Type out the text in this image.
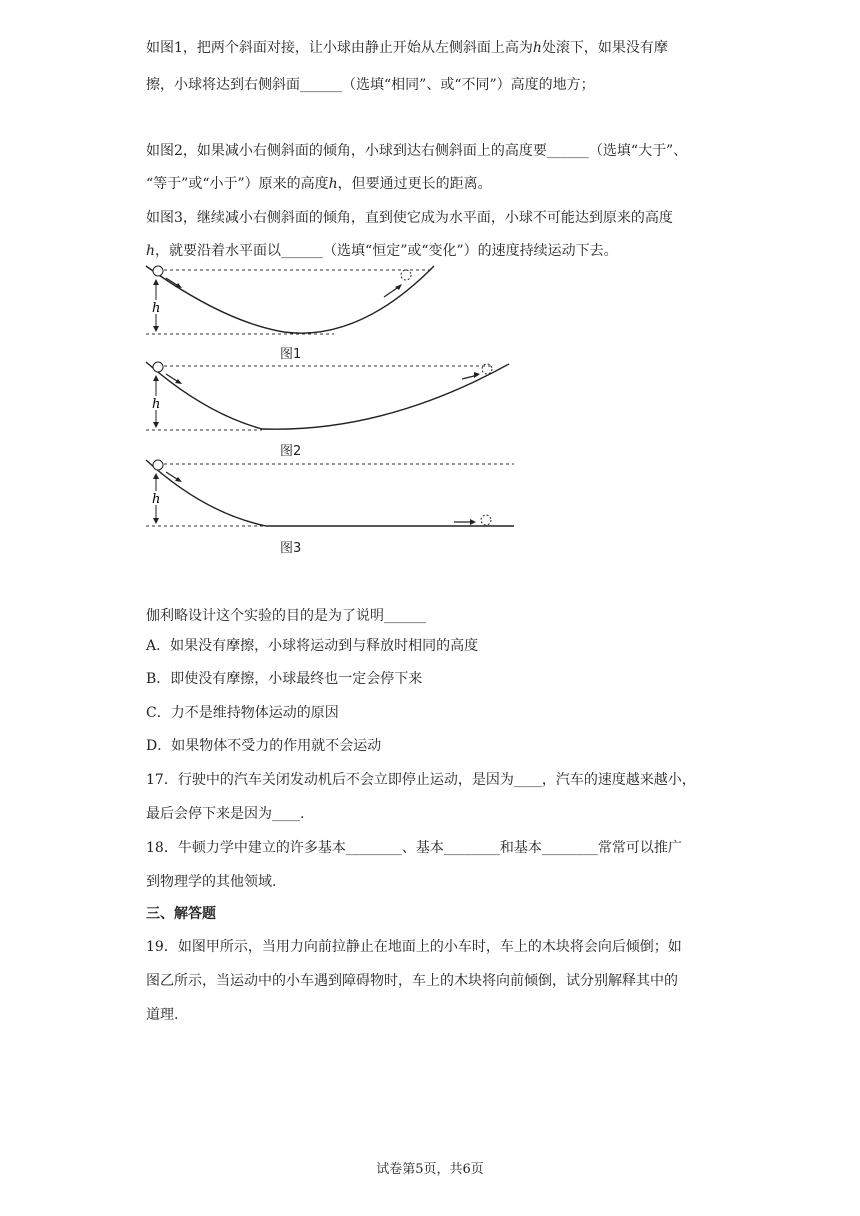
如图1，把两个斜面对接，让小球由静止开始从左侧斜面上高为h处滚下，如果没有摩
擦，小球将达到右侧斜面______（选填“相同”、或“不同”）高度的地方；
如图2，如果减小右侧斜面的倾角，小球到达右侧斜面上的高度要______（选填“大于”、
“等于”或“小于”）原来的高度h，但要通过更长的距离。
如图3，继续减小右侧斜面的倾角，直到使它成为水平面，小球不可能达到原来的高度
h，就要沿着水平面以______（选填“恒定”或“变化”）的速度持续运动下去。
h
图1
h
图2
h
图3
伽利略设计这个实验的目的是为了说明______
A．如果没有摩擦，小球将运动到与释放时相同的高度
B．即使没有摩擦，小球最终也一定会停下来
C．力不是维持物体运动的原因
D．如果物体不受力的作用就不会运动
17．行驶中的汽车关闭发动机后不会立即停止运动，是因为____，汽车的速度越来越小，
最后会停下来是因为____.
18．牛顿力学中建立的许多基本________、基本________和基本________常常可以推广
到物理学的其他领域.
三、解答题
19．如图甲所示，当用力向前拉静止在地面上的小车时，车上的木块将会向后倾倒；如
图乙所示，当运动中的小车遇到障碍物时，车上的木块将向前倾倒，试分别解释其中的
道理.
试卷第5页，共6页
